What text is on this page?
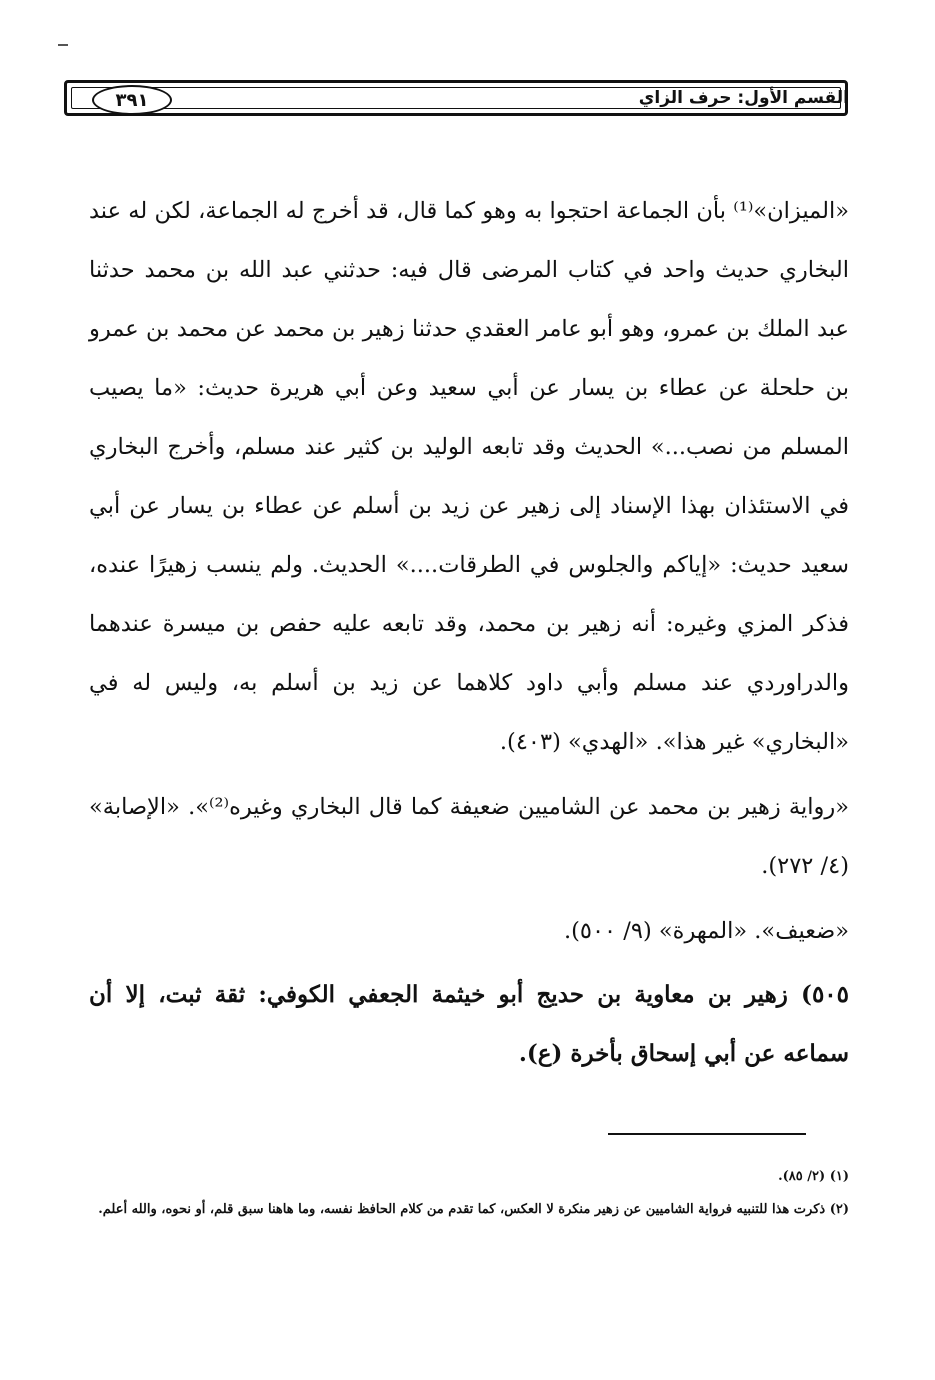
القسم الأول: حرف الزاي
٣٩١

«الميزان»⁽¹⁾ بأن الجماعة احتجوا به وهو كما قال، قد أخرج له الجماعة، لكن له عند البخاري حديث واحد في كتاب المرضى قال فيه: حدثني عبد الله بن محمد حدثنا عبد الملك بن عمرو، وهو أبو عامر العقدي حدثنا زهير بن محمد عن محمد بن عمرو بن حلحلة عن عطاء بن يسار عن أبي سعيد وعن أبي هريرة حديث: «ما يصيب المسلم من نصب...» الحديث وقد تابعه الوليد بن كثير عند مسلم، وأخرج البخاري في الاستئذان بهذا الإسناد إلى زهير عن زيد بن أسلم عن عطاء بن يسار عن أبي سعيد حديث: «إياكم والجلوس في الطرقات....» الحديث. ولم ينسب زهيرًا عنده، فذكر المزي وغيره: أنه زهير بن محمد، وقد تابعه عليه حفص بن ميسرة عندهما والدراوردي عند مسلم وأبي داود كلاهما عن زيد بن أسلم به، وليس له في «البخاري» غير هذا». «الهدي» (٤٠٣).

«رواية زهير بن محمد عن الشاميين ضعيفة كما قال البخاري وغيره⁽²⁾». «الإصابة» (٤/ ٢٧٢).

«ضعيف». «المهرة» (٩/ ٥٠٠).

٥٠٥) زهير بن معاوية بن حديج أبو خيثمة الجعفي الكوفي: ثقة ثبت، إلا أن سماعه عن أبي إسحاق بأخرة (ع).

(١) (٢/ ٨٥).

(٢) ذكرت هذا للتنبيه فرواية الشاميين عن زهير منكرة لا العكس، كما تقدم من كلام الحافظ نفسه، وما هاهنا سبق قلم، أو نحوه، والله أعلم.
